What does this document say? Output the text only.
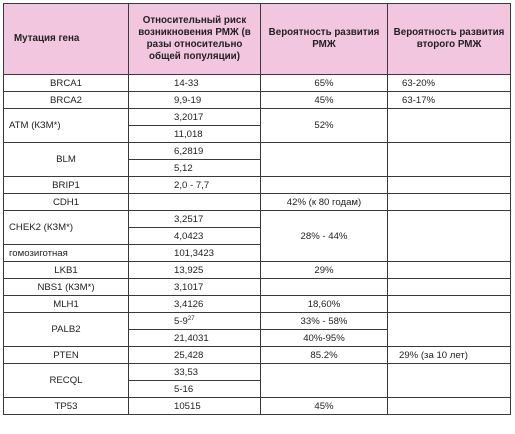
Мутация гена	Относительный риск возникновения РМЖ (в разы относительно общей популяции)	Вероятность развития РМЖ	Вероятность развития второго РМЖ
BRCA1	14-33	65%	63-20%
BRCA2	9,9-19	45%	63-17%
ATM (КЗМ*)	3,2017	52%	
	11,018		
BLM	6,2819		
	5,12		
BRIP1	2,0 - 7,7		
CDH1		42% (к 80 годам)	
CHEK2 (КЗМ*)	3,2517	28% - 44%	
	4,0423		
гомозиготная	101,3423		
LKB1	13,925	29%	
NBS1 (КЗМ*)	3,1017		
MLH1	3,4126	18,60%	
PALB2	$5-9^{27}$	33% - 58%	
	21,4031	40%-95%	
PTEN	25,428	85.2%	29% (за 10 лет)
RECQL	33,53		
	5-16		
TP53	10515	45%	
